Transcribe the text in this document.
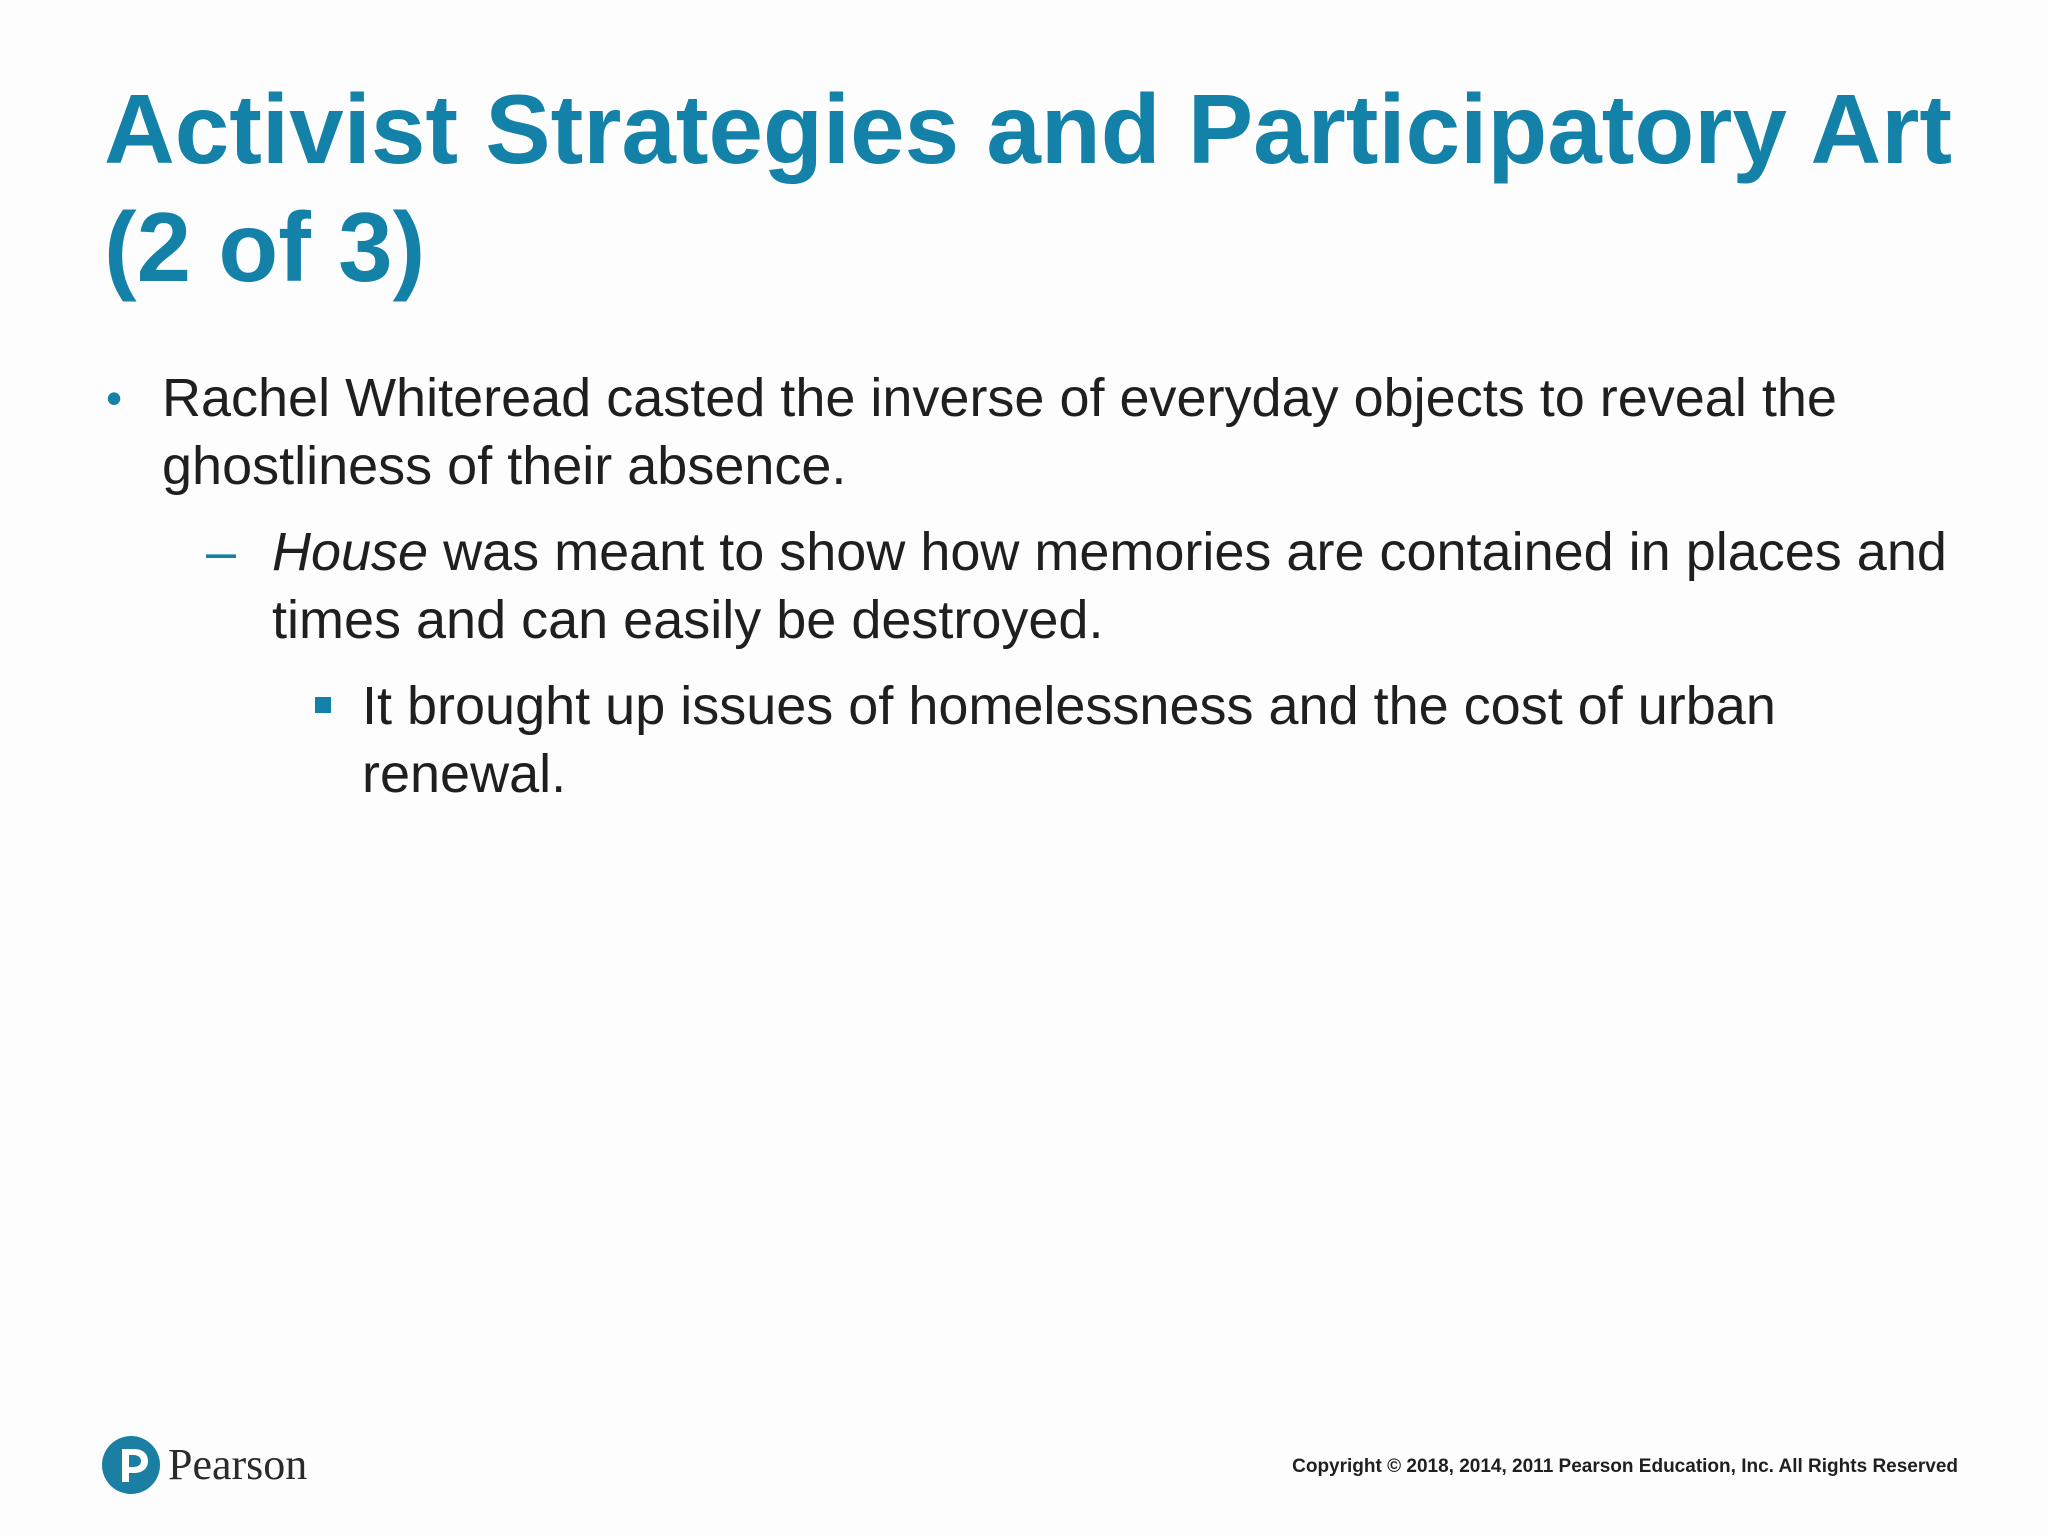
Activist Strategies and Participatory Art
(2 of 3)
• Rachel Whiteread casted the inverse of everyday objects to reveal the ghostliness of their absence.

– House was meant to show how memories are contained in places and times and can easily be destroyed.

It brought up issues of homelessness and the cost of urban renewal.

Pearson	Copyright © 2018, 2014, 2011 Pearson Education, Inc. All Rights Reserved
